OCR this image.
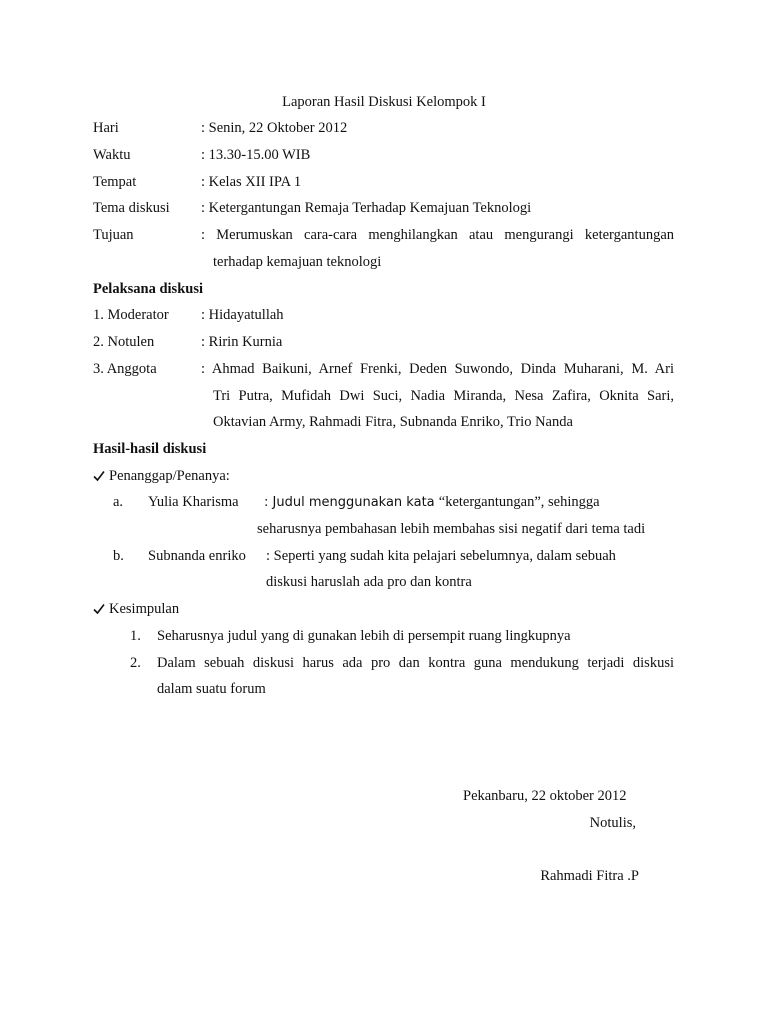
Laporan Hasil Diskusi Kelompok I
Hari	: Senin, 22 Oktober 2012
Waktu	: 13.30-15.00 WIB
Tempat	: Kelas XII IPA 1
Tema diskusi : Ketergantungan Remaja Terhadap Kemajuan Teknologi
Tujuan	: Merumuskan cara-cara menghilangkan atau mengurangi ketergantungan
terhadap kemajuan teknologi
Pelaksana diskusi
1. Moderator : Hidayatullah
2. Notulen	: Ririn Kurnia
3. Anggota	: Ahmad Baikuni, Arnef Frenki, Deden Suwondo, Dinda Muharani, M. Ari
Tri Putra, Mufidah Dwi Suci, Nadia Miranda, Nesa Zafira, Oknita Sari,
Oktavian Army, Rahmadi Fitra, Subnanda Enriko, Trio Nanda
Hasil-hasil diskusi
Penanggap/Penanya:
a. Yulia Kharisma : Judul menggunakan kata “ketergantungan”, sehingga
seharusnya pembahasan lebih membahas sisi negatif dari tema tadi
b. Subnanda enriko : Seperti yang sudah kita pelajari sebelumnya, dalam sebuah
diskusi haruslah ada pro dan kontra
Kesimpulan
1. Seharusnya judul yang di gunakan lebih di persempit ruang lingkupnya
2. Dalam sebuah diskusi harus ada pro dan kontra guna mendukung terjadi diskusi
dalam suatu forum
Pekanbaru, 22 oktober 2012
Notulis,
Rahmadi Fitra .P
